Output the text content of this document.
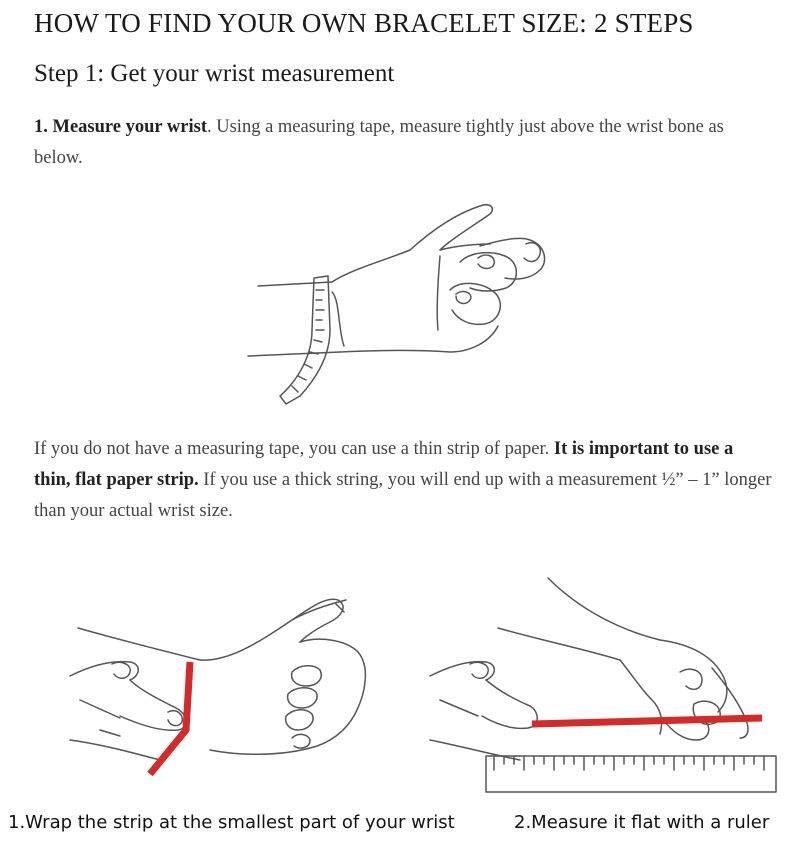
HOW TO FIND YOUR OWN BRACELET SIZE: 2 STEPS
Step 1: Get your wrist measurement
1. Measure your wrist. Using a measuring tape, measure tightly just above the wrist bone as below.
If you do not have a measuring tape, you can use a thin strip of paper. It is important to use a thin, flat paper strip. If you use a thick string, you will end up with a measurement ½” – 1” longer than your actual wrist size.
1.Wrap the strip at the smallest part of your wrist	2.Measure it flat with a ruler
